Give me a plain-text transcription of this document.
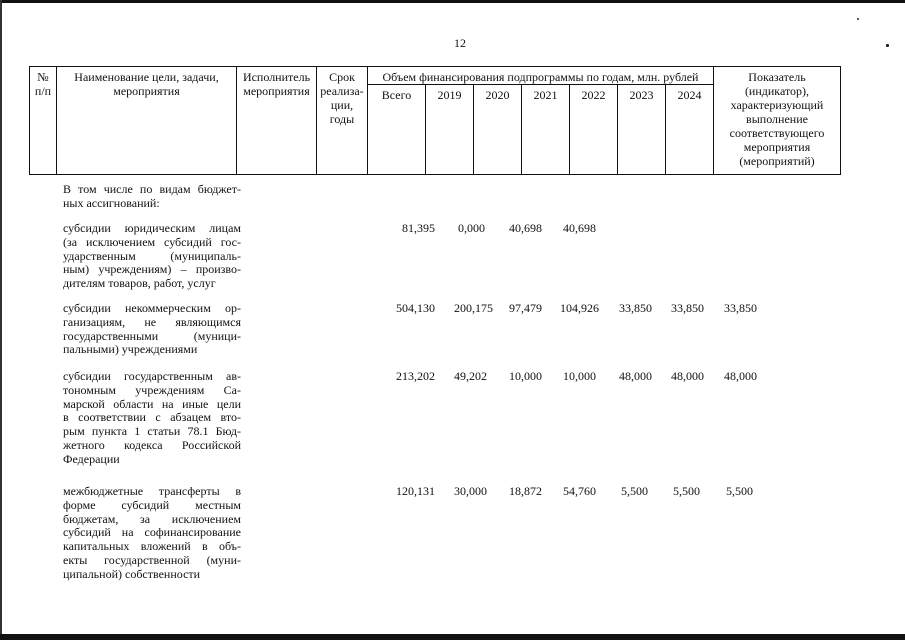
12
№ п/п	Наименование цели, задачи, мероприятия	Исполнитель мероприятия	Срок реализа-ции, годы	Объем финансирования подпрограммы по годам, млн. рублей							Показатель (индикатор), характеризующий выполнение соответствующего мероприятия (мероприятий)
				Всего	2019	2020	2021	2022	2023	2024	
В том числе по видам бюджет-
ных ассигнований:
субсидии юридическим лицам
(за исключением субсидий гос-
ударственным (муниципаль-
ным) учреждениям) – произво-
дителям товаров, работ, услуг
81,395	0,000	40,698	40,698
субсидии некоммерческим ор-
ганизациям, не являющимся
государственными (муници-
пальными) учреждениями
504,130	200,175	97,479	104,926	33,850	33,850	33,850
субсидии государственным ав-
тономным учреждениям Са-
марской области на иные цели
в соответствии с абзацем вто-
рым пункта 1 статьи 78.1 Бюд-
жетного кодекса Российской
Федерации
213,202	49,202	10,000	10,000	48,000	48,000	48,000
межбюджетные трансферты в
форме субсидий местным
бюджетам, за исключением
субсидий на софинансирование
капитальных вложений в объ-
екты государственной (муни-
ципальной) собственности
120,131	30,000	18,872	54,760	5,500	5,500	5,500
